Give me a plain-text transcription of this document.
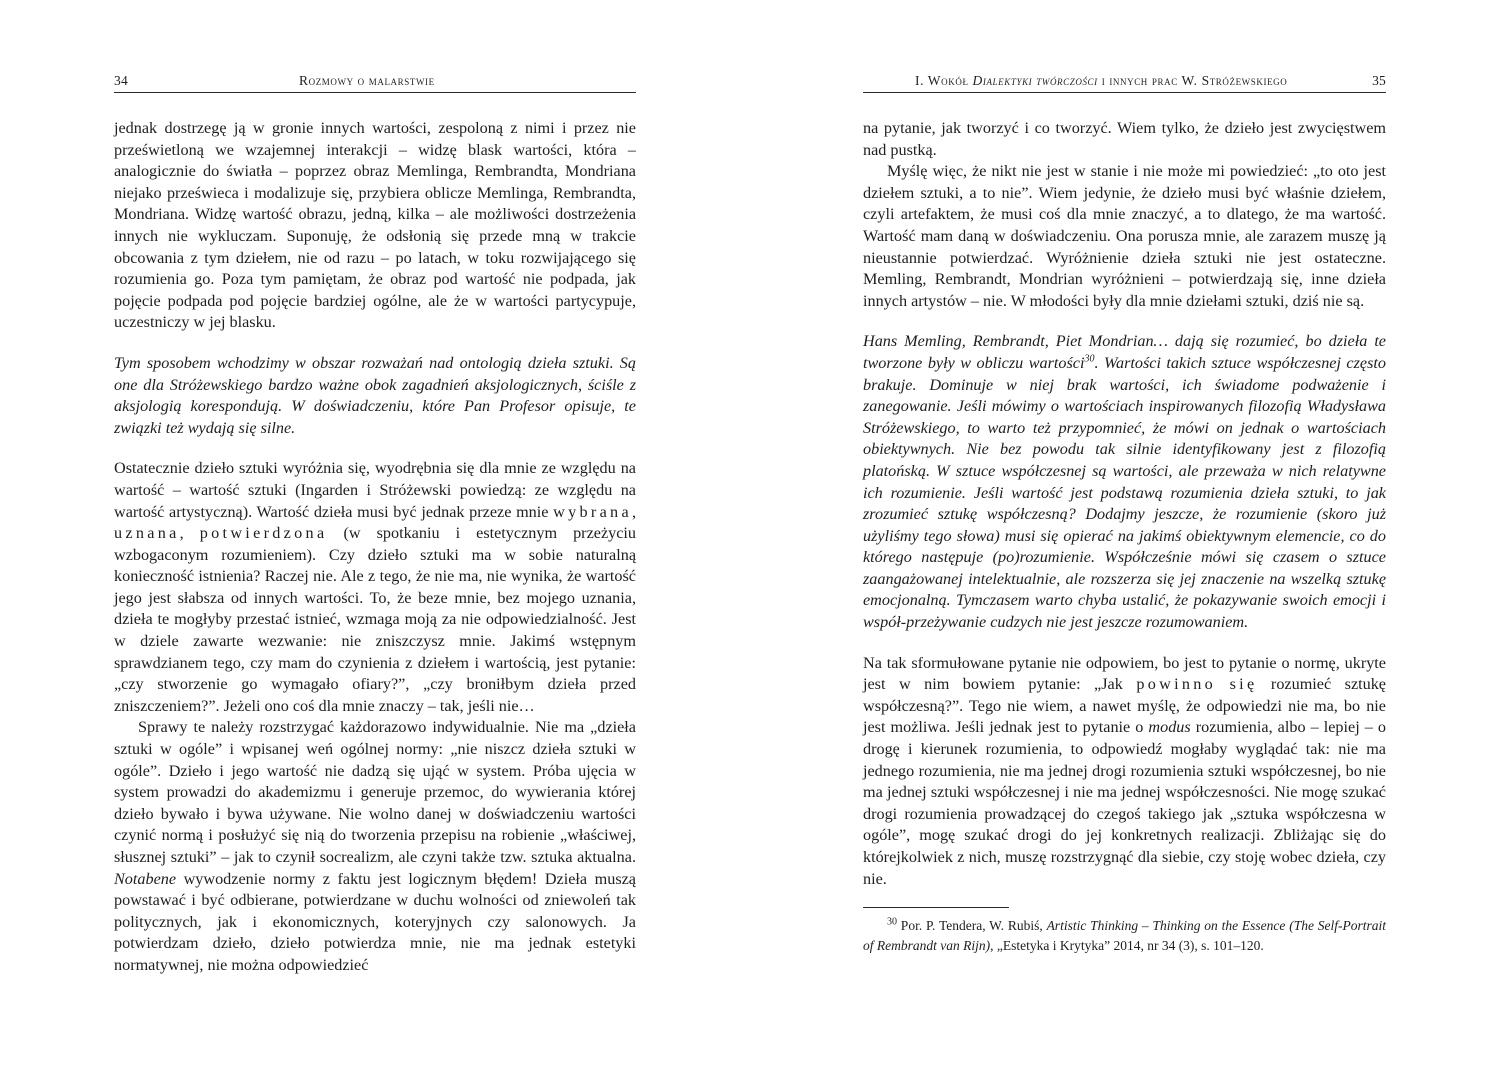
34	Rozmowy o malarstwie

jednak dostrzegę ją w gronie innych wartości, zespoloną z nimi i przez nie prześwietloną we wzajemnej interakcji – widzę blask wartości, która – analogicznie do światła – poprzez obraz Memlinga, Rembrandta, Mondriana niejako prześwieca i modalizuje się, przybiera oblicze Memlinga, Rembrandta, Mondriana. Widzę wartość obrazu, jedną, kilka – ale możliwości dostrzeżenia innych nie wykluczam. Suponuję, że odsłonią się przede mną w trakcie obcowania z tym dziełem, nie od razu – po latach, w toku rozwijającego się rozumienia go. Poza tym pamiętam, że obraz pod wartość nie podpada, jak pojęcie podpada pod pojęcie bardziej ogólne, ale że w wartości partycypuje, uczestniczy w jej blasku.

Tym sposobem wchodzimy w obszar rozważań nad ontologią dzieła sztuki. Są one dla Stróżewskiego bardzo ważne obok zagadnień aksjologicznych, ściśle z aksjologią korespondują. W doświadczeniu, które Pan Profesor opisuje, te związki też wydają się silne.

Ostatecznie dzieło sztuki wyróżnia się, wyodrębnia się dla mnie ze względu na wartość – wartość sztuki (Ingarden i Stróżewski powiedzą: ze względu na wartość artystyczną). Wartość dzieła musi być jednak przeze mnie wybrana, uznana, potwierdzona (w spotkaniu i estetycznym przeżyciu wzbogaconym rozumieniem). Czy dzieło sztuki ma w sobie naturalną konieczność istnienia? Raczej nie. Ale z tego, że nie ma, nie wynika, że wartość jego jest słabsza od innych wartości. To, że beze mnie, bez mojego uznania, dzieła te mogłyby przestać istnieć, wzmaga moją za nie odpowiedzialność. Jest w dziele zawarte wezwanie: nie zniszczysz mnie. Jakimś wstępnym sprawdzianem tego, czy mam do czynienia z dziełem i wartością, jest pytanie: „czy stworzenie go wymagało ofiary?”, „czy broniłbym dzieła przed zniszczeniem?”. Jeżeli ono coś dla mnie znaczy – tak, jeśli nie…

Sprawy te należy rozstrzygać każdorazowo indywidualnie. Nie ma „dzieła sztuki w ogóle” i wpisanej weń ogólnej normy: „nie niszcz dzieła sztuki w ogóle”. Dzieło i jego wartość nie dadzą się ująć w system. Próba ujęcia w system prowadzi do akademizmu i generuje przemoc, do wywierania której dzieło bywało i bywa używane. Nie wolno danej w doświadczeniu wartości czynić normą i posłużyć się nią do tworzenia przepisu na robienie „właściwej, słusznej sztuki” – jak to czynił socrealizm, ale czyni także tzw. sztuka aktualna. Notabene wywodzenie normy z faktu jest logicznym błędem! Dzieła muszą powstawać i być odbierane, potwierdzane w duchu wolności od zniewoleń tak politycznych, jak i ekonomicznych, koteryjnych czy salonowych. Ja potwierdzam dzieło, dzieło potwierdza mnie, nie ma jednak estetyki normatywnej, nie można odpowiedzieć

I. Wokół Dialektyki twórczości i innych prac W. Stróżewskiego	35

na pytanie, jak tworzyć i co tworzyć. Wiem tylko, że dzieło jest zwycięstwem nad pustką.

Myślę więc, że nikt nie jest w stanie i nie może mi powiedzieć: „to oto jest dziełem sztuki, a to nie”. Wiem jedynie, że dzieło musi być właśnie dziełem, czyli artefaktem, że musi coś dla mnie znaczyć, a to dlatego, że ma wartość. Wartość mam daną w doświadczeniu. Ona porusza mnie, ale zarazem muszę ją nieustannie potwierdzać. Wyróżnienie dzieła sztuki nie jest ostateczne. Memling, Rembrandt, Mondrian wyróżnieni – potwierdzają się, inne dzieła innych artystów – nie. W młodości były dla mnie dziełami sztuki, dziś nie są.

Hans Memling, Rembrandt, Piet Mondrian… dają się rozumieć, bo dzieła te tworzone były w obliczu wartości$^{30}$. Wartości takich sztuce współczesnej często brakuje. Dominuje w niej brak wartości, ich świadome podważenie i zanegowanie. Jeśli mówimy o wartościach inspirowanych filozofią Władysława Stróżewskiego, to warto też przypomnieć, że mówi on jednak o wartościach obiektywnych. Nie bez powodu tak silnie identyfikowany jest z filozofią platońską. W sztuce współczesnej są wartości, ale przeważa w nich relatywne ich rozumienie. Jeśli wartość jest podstawą rozumienia dzieła sztuki, to jak zrozumieć sztukę współczesną? Dodajmy jeszcze, że rozumienie (skoro już użyliśmy tego słowa) musi się opierać na jakimś obiektywnym elemencie, co do którego następuje (po)rozumienie. Współcześnie mówi się czasem o sztuce zaangażowanej intelektualnie, ale rozszerza się jej znaczenie na wszelką sztukę emocjonalną. Tymczasem warto chyba ustalić, że pokazywanie swoich emocji i współ-przeżywanie cudzych nie jest jeszcze rozumowaniem.

Na tak sformułowane pytanie nie odpowiem, bo jest to pytanie o normę, ukryte jest w nim bowiem pytanie: „Jak powinno się rozumieć sztukę współczesną?”. Tego nie wiem, a nawet myślę, że odpowiedzi nie ma, bo nie jest możliwa. Jeśli jednak jest to pytanie o modus rozumienia, albo – lepiej – o drogę i kierunek rozumienia, to odpowiedź mogłaby wyglądać tak: nie ma jednego rozumienia, nie ma jednej drogi rozumienia sztuki współczesnej, bo nie ma jednej sztuki współczesnej i nie ma jednej współczesności. Nie mogę szukać drogi rozumienia prowadzącej do czegoś takiego jak „sztuka współczesna w ogóle”, mogę szukać drogi do jej konkretnych realizacji. Zbliżając się do którejkolwiek z nich, muszę rozstrzygnąć dla siebie, czy stoję wobec dzieła, czy nie.

$^{30}$ Por. P. Tendera, W. Rubiś, Artistic Thinking – Thinking on the Essence (The Self-Portrait of Rembrandt van Rijn), „Estetyka i Krytyka” 2014, nr 34 (3), s. 101–120.
